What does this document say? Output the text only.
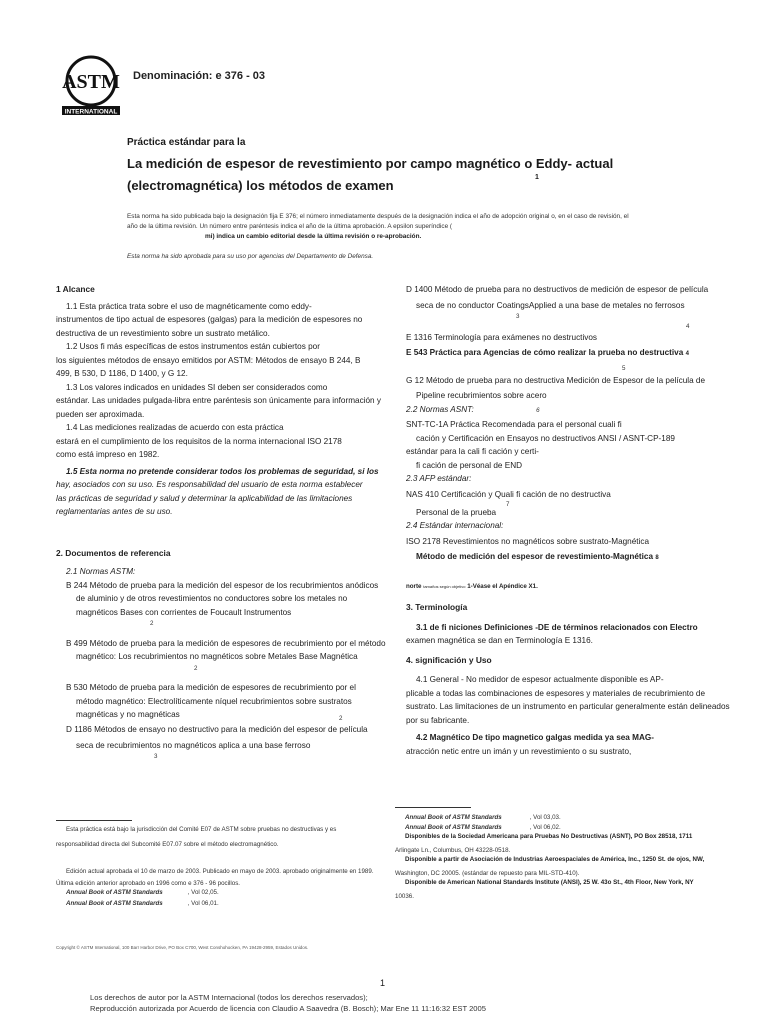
ASTM
INTERNATIONAL
Denominación: e 376 - 03
Práctica estándar para la
La medición de espesor de revestimiento por campo magnético o Eddy- actual
(electromagnética) los métodos de examen
1
Esta norma ha sido publicada bajo la designación fija E 376; el número inmediatamente después de la designación indica el año de adopción original o, en el caso de revisión, el
año de la última revisión. Un número entre paréntesis indica el año de la última aprobación. A epsilon superíndice (
mi) indica un cambio editorial desde la última revisión o re-aprobación.
Esta norma ha sido aprobada para su uso por agencias del Departamento de Defensa.

1 Alcance

1.1 Esta práctica trata sobre el uso de magnéticamente como eddy-

instrumentos de tipo actual de espesores (galgas) para la medición de espesores no

destructiva de un revestimiento sobre un sustrato metálico.

1.2 Usos fi más específicas de estos instrumentos están cubiertos por

los siguientes métodos de ensayo emitidos por ASTM: Métodos de ensayo B 244, B

499, B 530, D 1186, D 1400, y G 12.

1.3 Los valores indicados en unidades SI deben ser considerados como

estándar. Las unidades pulgada-libra entre paréntesis son únicamente para información y

pueden ser aproximada.

1.4 Las mediciones realizadas de acuerdo con esta práctica

estará en el cumplimiento de los requisitos de la norma internacional ISO 2178

como está impreso en 1982.

1.5 Esta norma no pretende considerar todos los problemas de seguridad, si los

hay, asociados con su uso. Es responsabilidad del usuario de esta norma establecer

las prácticas de seguridad y salud y determinar la aplicabilidad de las limitaciones

reglamentarias antes de su uso.

2. Documentos de referencia

2.1 Normas ASTM:

B 244 Método de prueba para la medición del espesor de los recubrimientos anódicos

de aluminio y de otros revestimientos no conductores sobre los metales no

magnéticos Bases con corrientes de Foucault Instrumentos

2

B 499 Método de prueba para la medición de espesores de recubrimiento por el método

magnético: Los recubrimientos no magnéticos sobre Metales Base Magnética

2

B 530 Método de prueba para la medición de espesores de recubrimiento por el

método magnético: Electrolíticamente níquel recubrimientos sobre sustratos

magnéticas y no magnéticas	2

D 1186 Métodos de ensayo no destructivo para la medición del espesor de película

seca de recubrimientos no magnéticos aplica a una base ferroso

3

D 1400 Método de prueba para no destructivos de medición de espesor de película

seca de no conductor CoatingsApplied a una base de metales no ferrosos

3

4

E 1316 Terminología para exámenes no destructivos

E 543 Práctica para Agencias de cómo realizar la prueba no destructiva 4

5

G 12 Método de prueba para no destructiva Medición de Espesor de la película de

Pipeline recubrimientos sobre acero

2.2 Normas ASNT:	6

SNT-TC-1A Práctica Recomendada para el personal cuali fi

cación y Certificación en Ensayos no destructivos ANSI / ASNT-CP-189

estándar para la cali fi cación y certi-

fi cación de personal de END

2.3 AFP estándar:

NAS 410 Certificación y Quali fi cación de no destructiva

7

Personal de la prueba

2.4 Estándar internacional:

ISO 2178 Revestimientos no magnéticos sobre sustrato-Magnética

Método de medición del espesor de revestimiento-Magnética 8

norte tamaños según objetivo 1-Véase el Apéndice X1.

3. Terminología

3.1 de fi niciones Definiciones -DE de términos relacionados con Electro

examen magnética se dan en Terminología E 1316.

4. significación y Uso

4.1 General - No medidor de espesor actualmente disponible es AP-

plicable a todas las combinaciones de espesores y materiales de recubrimiento de

sustrato. Las limitaciones de un instrumento en particular generalmente están delineados

por su fabricante.

4.2 Magnético De tipo magnetico galgas medida ya sea MAG-

atracción netic entre un imán y un revestimiento o su sustrato,

Esta práctica está bajo la jurisdicción del Comité E07 de ASTM sobre pruebas no destructivas y es
responsabilidad directa del Subcomité E07.07 sobre el método electromagnético.
Edición actual aprobada el 10 de marzo de 2003. Publicado en mayo de 2003. aprobado originalmente en 1989.
Última edición anterior aprobado en 1996 como e 376 - 96 pocillos.
Annual Book of ASTM Standards	, Vol 02,05.
Annual Book of ASTM Standards	, Vol 06,01.
Annual Book of ASTM Standards	, Vol 03,03.
Annual Book of ASTM Standards	, Vol 06,02.
Disponibles de la Sociedad Americana para Pruebas No Destructivas (ASNT), PO Box 28518, 1711
Arlingate Ln., Columbus, OH 43228-0518.
Disponible a partir de Asociación de Industrias Aeroespaciales de América, Inc., 1250 St. de ojos, NW,
Washington, DC 20005. (estándar de repuesto para MIL-STD-410).
Disponible de American National Standards Institute (ANSI), 25 W. 43o St., 4th Floor, New York, NY
10036.
Copyright © ASTM International, 100 Barr Harbor Drive, PO Box C700, West Conshohocken, PA 19428-2959, Estados Unidos.
1
Los derechos de autor por la ASTM Internacional (todos los derechos reservados);
Reproducción autorizada por Acuerdo de licencia con Claudio A Saavedra (B. Bosch); Mar Ene 11 11:16:32 EST 2005
